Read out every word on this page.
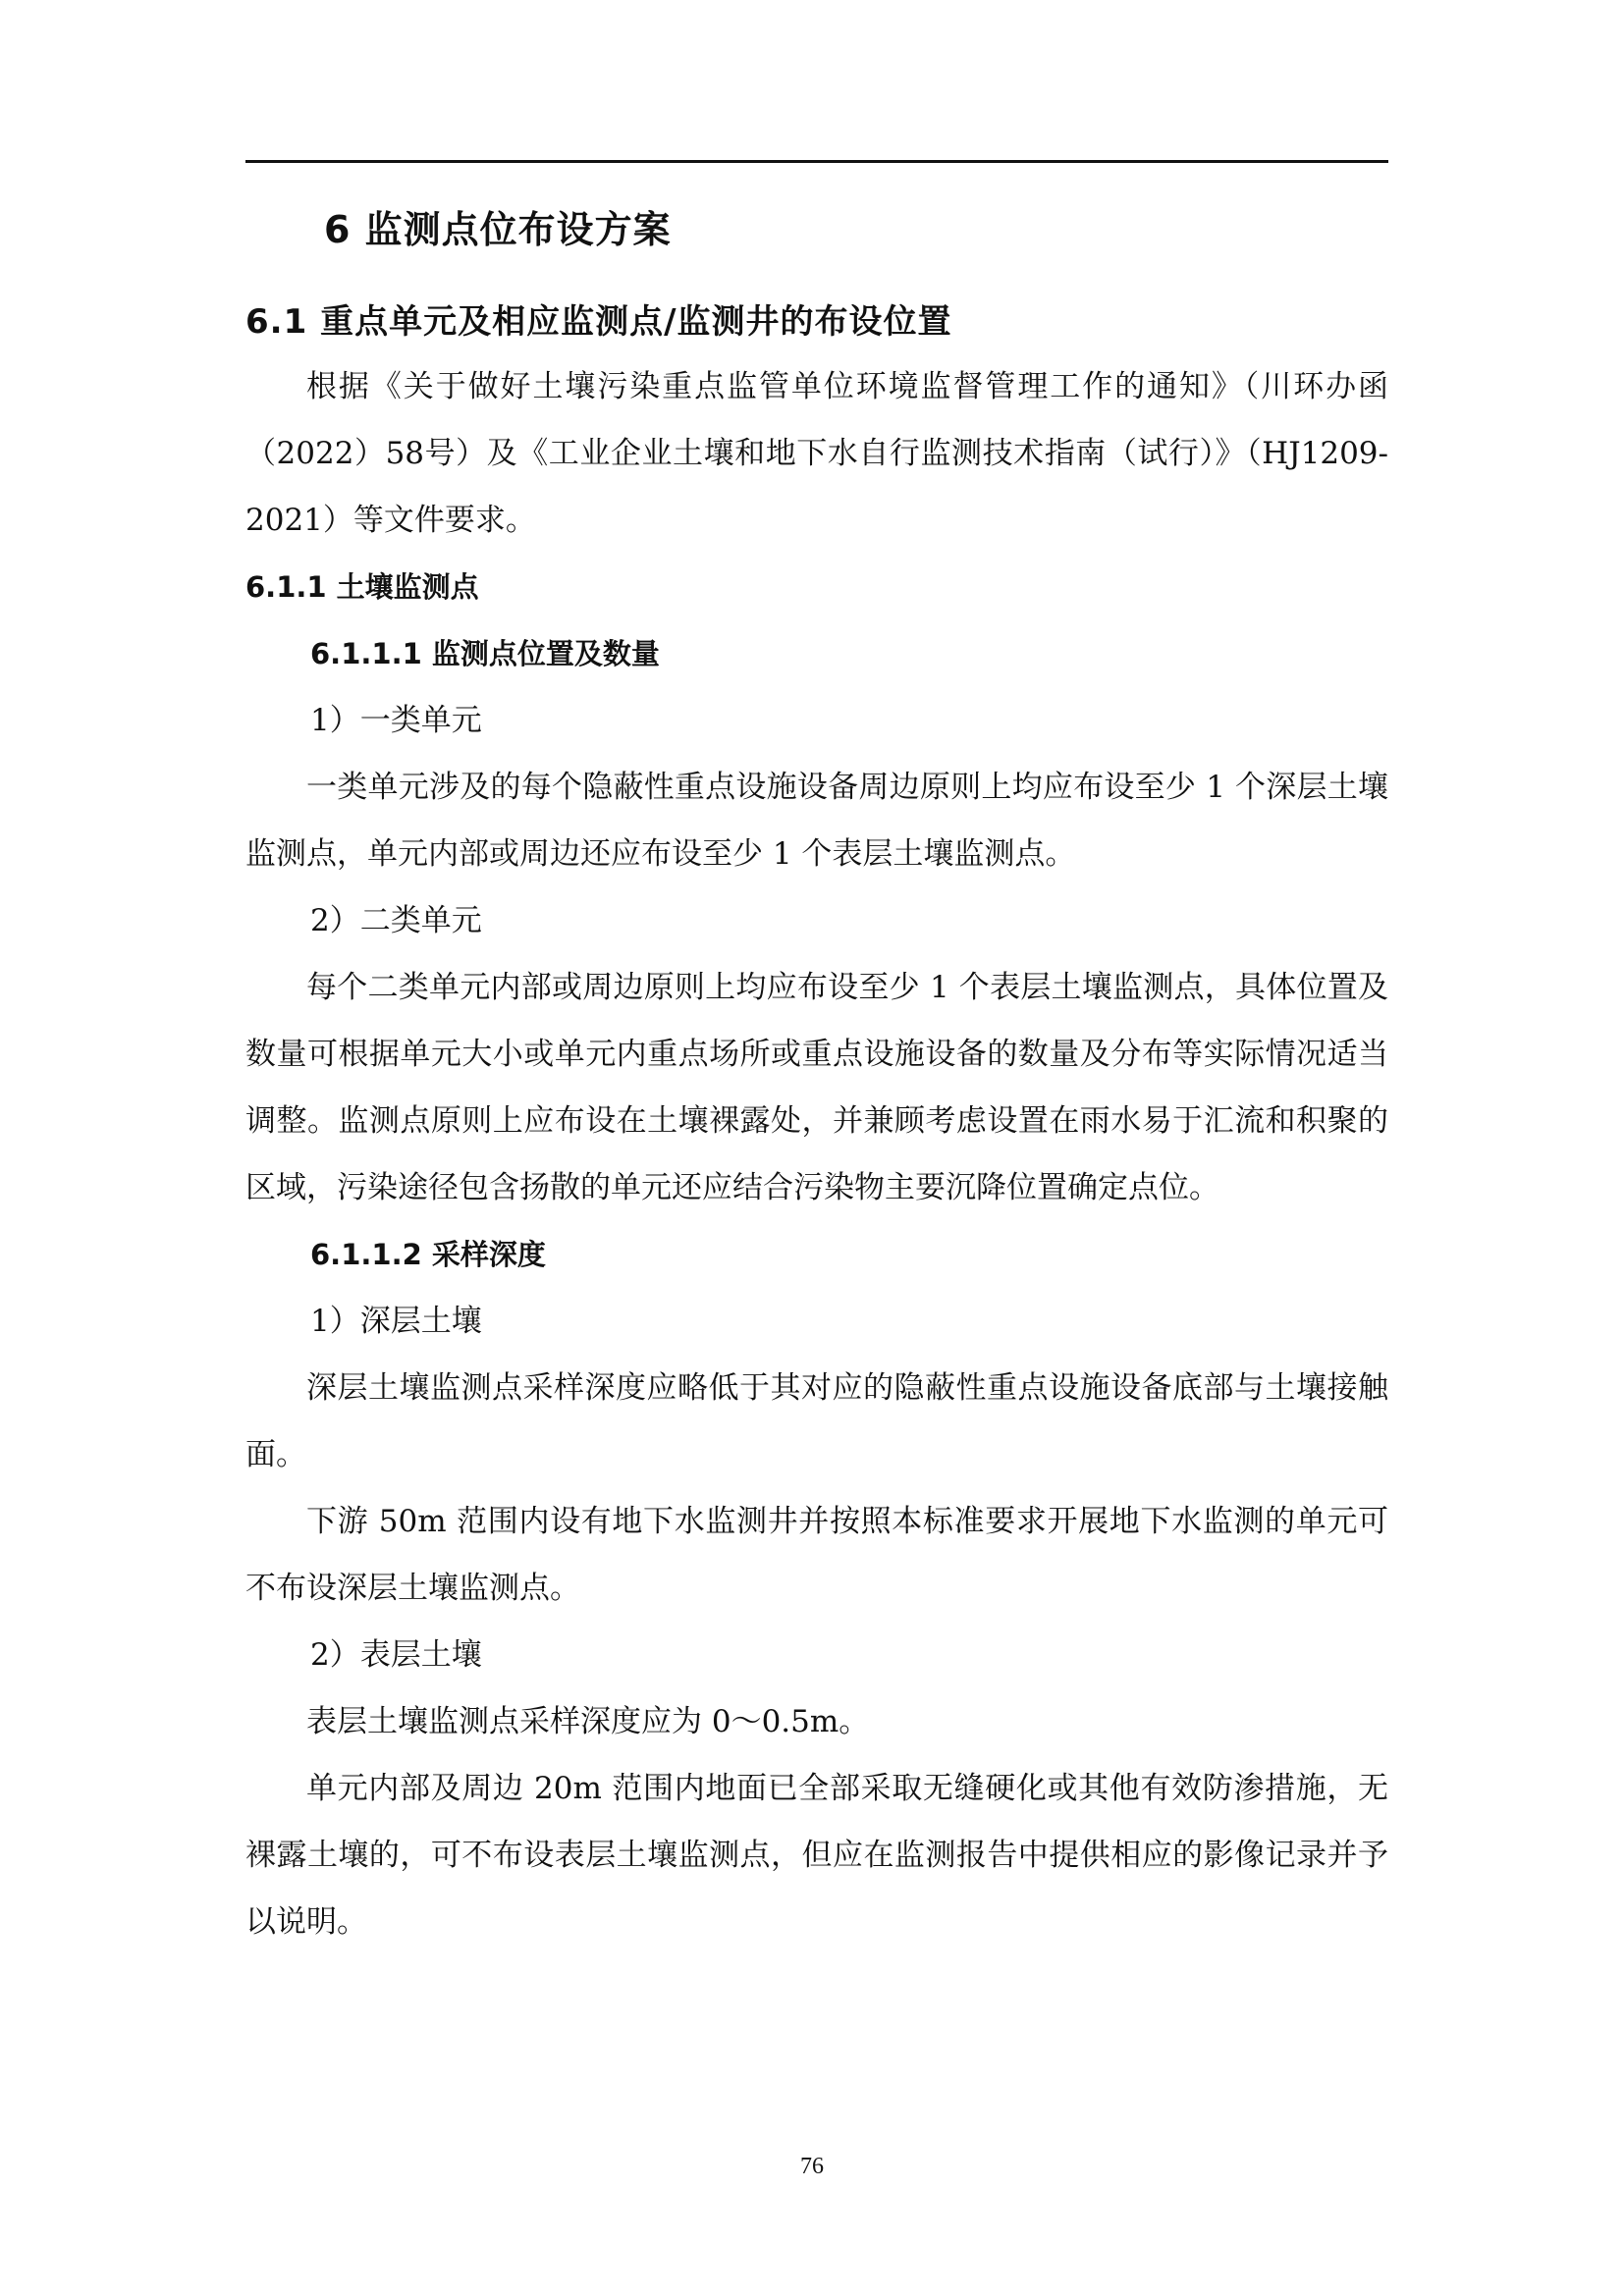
6 监测点位布设方案
6.1 重点单元及相应监测点/监测井的布设位置

根据《关于做好土壤污染重点监管单位环境监督管理工作的通知》（川环办函（2022）58号）及《工业企业土壤和地下水自行监测技术指南（试行）》（HJ1209-2021）等文件要求。

6.1.1 土壤监测点
6.1.1.1 监测点位置及数量

1）一类单元

一类单元涉及的每个隐蔽性重点设施设备周边原则上均应布设至少 1 个深层土壤监测点，单元内部或周边还应布设至少 1 个表层土壤监测点。

2）二类单元

每个二类单元内部或周边原则上均应布设至少 1 个表层土壤监测点，具体位置及数量可根据单元大小或单元内重点场所或重点设施设备的数量及分布等实际情况适当调整。监测点原则上应布设在土壤裸露处，并兼顾考虑设置在雨水易于汇流和积聚的区域，污染途径包含扬散的单元还应结合污染物主要沉降位置确定点位。

6.1.1.2 采样深度

1）深层土壤

深层土壤监测点采样深度应略低于其对应的隐蔽性重点设施设备底部与土壤接触面。

下游 50m 范围内设有地下水监测井并按照本标准要求开展地下水监测的单元可不布设深层土壤监测点。

2）表层土壤

表层土壤监测点采样深度应为 0～0.5m。

单元内部及周边 20m 范围内地面已全部采取无缝硬化或其他有效防渗措施，无裸露土壤的，可不布设表层土壤监测点，但应在监测报告中提供相应的影像记录并予以说明。

76
